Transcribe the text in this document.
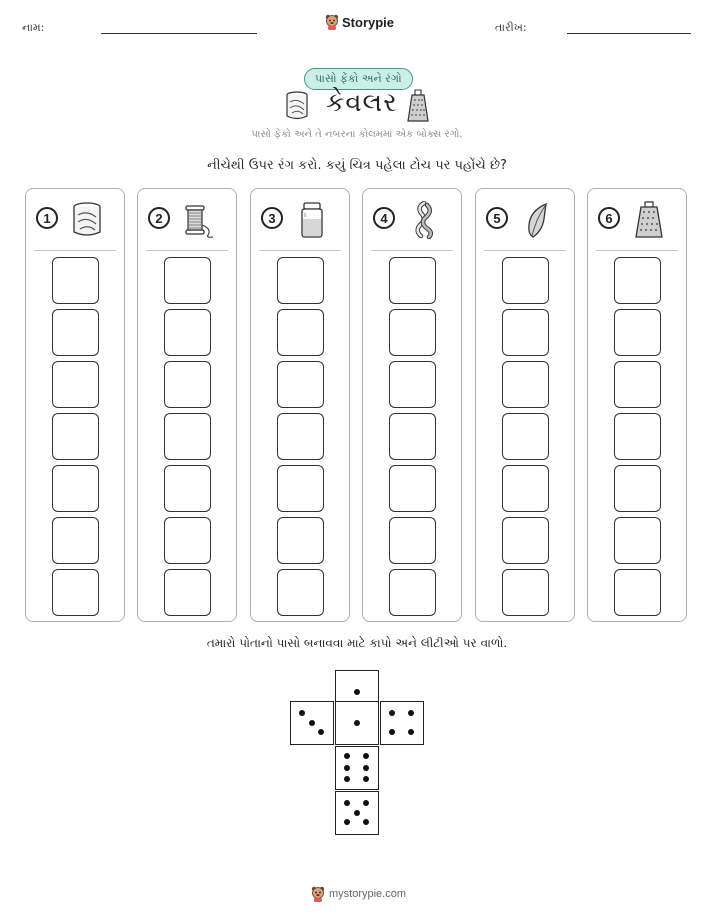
નામ:	Storypie	તારીખ:
પાસો ફેંકો અને રંગો
કેવલર
પાસો ફેંકો અને તે નંબરના કોલમમાં એક બોક્સ રંગો.
નીચેથી ઉપર રંગ કરો. કયું ચિત્ર પહેલા ટોચ પર પહોંચે છે?
1	2	3	4	5	6
તમારો પોતાનો પાસો બનાવવા માટે કાપો અને લીટીઓ પર વાળો.
mystorypie.com
